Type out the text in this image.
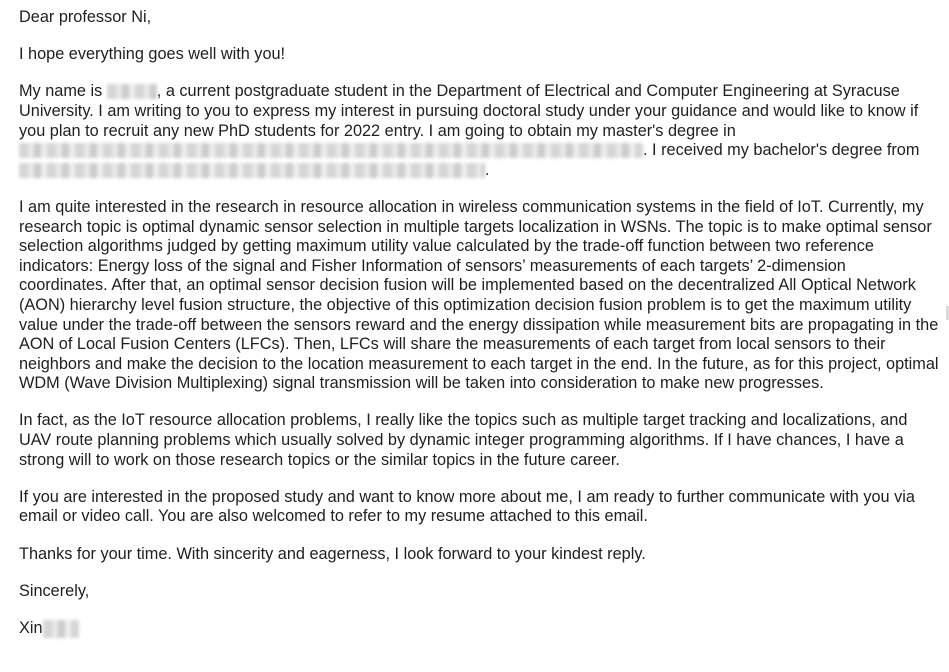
Dear professor Ni,

I hope everything goes well with you!

My name is	, a current postgraduate student in the Department of Electrical and Computer Engineering at Syracuse University. I am writing to you to express my interest in pursuing doctoral study under your guidance and would like to know if you plan to recruit any new PhD students for 2022 entry. I am going to obtain my master's degree in. I received my bachelor's degree from .

I am quite interested in the research in resource allocation in wireless communication systems in the field of IoT. Currently, my research topic is optimal dynamic sensor selection in multiple targets localization in WSNs. The topic is to make optimal sensor selection algorithms judged by getting maximum utility value calculated by the trade-off function between two reference indicators: Energy loss of the signal and Fisher Information of sensors’ measurements of each targets’ 2-dimension coordinates. After that, an optimal sensor decision fusion will be implemented based on the decentralized All Optical Network (AON) hierarchy level fusion structure, the objective of this optimization decision fusion problem is to get the maximum utility value under the trade-off between the sensors reward and the energy dissipation while measurement bits are propagating in the AON of Local Fusion Centers (LFCs). Then, LFCs will share the measurements of each target from local sensors to their neighbors and make the decision to the location measurement to each target in the end. In the future, as for this project, optimal WDM (Wave Division Multiplexing) signal transmission will be taken into consideration to make new progresses.

In fact, as the IoT resource allocation problems, I really like the topics such as multiple target tracking and localizations, and UAV route planning problems which usually solved by dynamic integer programming algorithms. If I have chances, I have a strong will to work on those research topics or the similar topics in the future career.

If you are interested in the proposed study and want to know more about me, I am ready to further communicate with you via email or video call. You are also welcomed to refer to my resume attached to this email.

Thanks for your time. With sincerity and eagerness, I look forward to your kindest reply.

Sincerely,

Xin
